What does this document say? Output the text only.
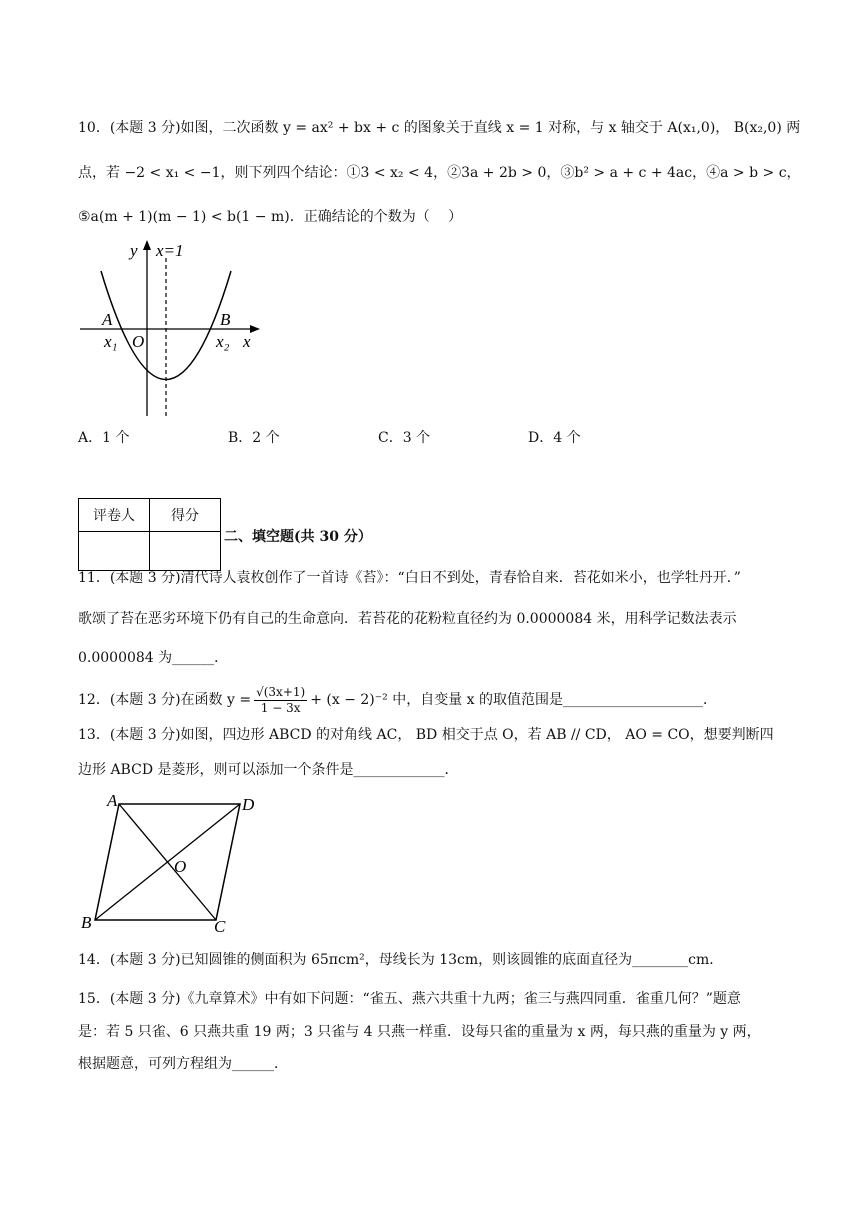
10．(本题 3 分)如图，二次函数 y = ax² + bx + c 的图象关于直线 x = 1 对称，与 x 轴交于 A(x₁,0)， B(x₂,0) 两
点，若 −2 < x₁ < −1，则下列四个结论：①3 < x₂ < 4，②3a + 2b > 0，③b² > a + c + 4ac，④a > b > c，
⑤a(m + 1)(m − 1) < b(1 − m)．正确结论的个数为（　 ）
y x=1
A	B
x₁ O	x₂ x
A．1 个	B．2 个	C．3 个	D．4 个
评卷人	得分

二、填空题(共 30 分）
11．(本题 3 分)清代诗人袁枚创作了一首诗《苔》：“白日不到处，青春恰自来．苔花如米小，也学牡丹开．”
歌颂了苔在恶劣环境下仍有自己的生命意向．若苔花的花粉粒直径约为 0.0000084 米，用科学记数法表示
0.0000084 为______．
12．(本题 3 分)在函数 $y = \frac{√(3x+1)}{1 - 3x} + (x - 2)^{-2}$ 中，自变量 x 的取值范围是____________________．
13．(本题 3 分)如图，四边形 ABCD 的对角线 AC， BD 相交于点 O，若 AB // CD， AO = CO，想要判断四
边形 ABCD 是菱形，则可以添加一个条件是_____________．
A	D
B	C
O
14．(本题 3 分)已知圆锥的侧面积为 65πcm²，母线长为 13cm，则该圆锥的底面直径为________cm．
15．(本题 3 分)《九章算术》中有如下问题：“雀五、燕六共重十九两；雀三与燕四同重．雀重几何？”题意
是：若 5 只雀、6 只燕共重 19 两；3 只雀与 4 只燕一样重．设每只雀的重量为 x 两，每只燕的重量为 y 两，
根据题意，可列方程组为______．
